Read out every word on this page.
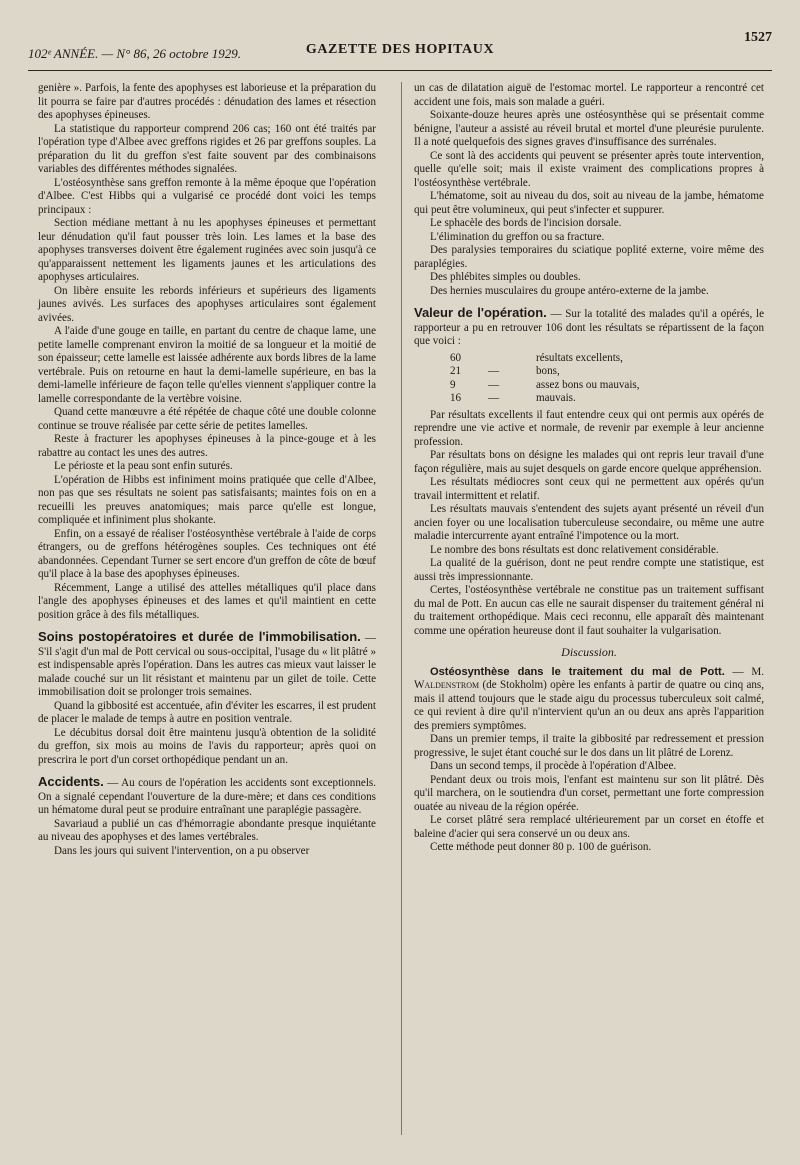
102ᵉ ANNÉE. — N° 86, 26 octobre 1929.	GAZETTE DES HOPITAUX
1527

genière ». Parfois, la fente des apophyses est laborieuse et la préparation du lit pourra se faire par d'autres procédés : dénudation des lames et résection des apophyses épineuses.

La statistique du rapporteur comprend 206 cas; 160 ont été traités par l'opération type d'Albee avec greffons rigides et 26 par greffons souples. La préparation du lit du greffon s'est faite souvent par des combinaisons variables des différentes méthodes signalées.

L'ostéosynthèse sans greffon remonte à la même époque que l'opération d'Albee. C'est Hibbs qui a vulgarisé ce procédé dont voici les temps principaux :

Section médiane mettant à nu les apophyses épineuses et permettant leur dénudation qu'il faut pousser très loin. Les lames et la base des apophyses transverses doivent être également ruginées avec soin jusqu'à ce qu'apparaissent nettement les ligaments jaunes et les articulations des apophyses articulaires.

On libère ensuite les rebords inférieurs et supérieurs des ligaments jaunes avivés. Les surfaces des apophyses articulaires sont également avivées.

A l'aide d'une gouge en taille, en partant du centre de chaque lame, une petite lamelle comprenant environ la moitié de sa longueur et la moitié de son épaisseur; cette lamelle est laissée adhérente aux bords libres de la lame vertébrale. Puis on retourne en haut la demi-lamelle supérieure, en bas la demi-lamelle inférieure de façon telle qu'elles viennent s'appliquer contre la lamelle correspondante de la vertèbre voisine.

Quand cette manœuvre a été répétée de chaque côté une double colonne continue se trouve réalisée par cette série de petites lamelles.

Reste à fracturer les apophyses épineuses à la pince-gouge et à les rabattre au contact les unes des autres.

Le périoste et la peau sont enfin suturés.

L'opération de Hibbs est infiniment moins pratiquée que celle d'Albee, non pas que ses résultats ne soient pas satisfaisants; maintes fois on en a recueilli les preuves anatomiques; mais parce qu'elle est longue, compliquée et infiniment plus shokante.

Enfin, on a essayé de réaliser l'ostéosynthèse vertébrale à l'aide de corps étrangers, ou de greffons hétérogènes souples. Ces techniques ont été abandonnées. Cependant Turner se sert encore d'un greffon de côte de bœuf qu'il place à la base des apophyses épineuses.

Récemment, Lange a utilisé des attelles métalliques qu'il place dans l'angle des apophyses épineuses et des lames et qu'il maintient en cette position grâce à des fils métalliques.

Soins postopératoires et durée de l'immobilisation. — S'il s'agit d'un mal de Pott cervical ou sous-occipital, l'usage du « lit plâtré » est indispensable après l'opération. Dans les autres cas mieux vaut laisser le malade couché sur un lit résistant et maintenu par un gilet de toile. Cette immobilisation doit se prolonger trois semaines.

Quand la gibbosité est accentuée, afin d'éviter les escarres, il est prudent de placer le malade de temps à autre en position ventrale.

Le décubitus dorsal doit être maintenu jusqu'à obtention de la solidité du greffon, six mois au moins de l'avis du rapporteur; après quoi on prescrira le port d'un corset orthopédique pendant un an.

Accidents. — Au cours de l'opération les accidents sont exceptionnels. On a signalé cependant l'ouverture de la dure-mère; et dans ces conditions un hématome dural peut se produire entraînant une paraplégie passagère.

Savariaud a publié un cas d'hémorragie abondante presque inquiétante au niveau des apophyses et des lames vertébrales.

Dans les jours qui suivent l'intervention, on a pu observer

un cas de dilatation aiguë de l'estomac mortel. Le rapporteur a rencontré cet accident une fois, mais son malade a guéri.

Soixante-douze heures après une ostéosynthèse qui se présentait comme bénigne, l'auteur a assisté au réveil brutal et mortel d'une pleurésie purulente. Il a noté quelquefois des signes graves d'insuffisance des surrénales.

Ce sont là des accidents qui peuvent se présenter après toute intervention, quelle qu'elle soit; mais il existe vraiment des complications propres à l'ostéosynthèse vertébrale.

L'hématome, soit au niveau du dos, soit au niveau de la jambe, hématome qui peut être volumineux, qui peut s'infecter et suppurer.

Le sphacèle des bords de l'incision dorsale.

L'élimination du greffon ou sa fracture.

Des paralysies temporaires du sciatique poplité externe, voire même des paraplégies.

Des phlébites simples ou doubles.

Des hernies musculaires du groupe antéro-externe de la jambe.

Valeur de l'opération. — Sur la totalité des malades qu'il a opérés, le rapporteur a pu en retrouver 106 dont les résultats se répartissent de la façon que voici :

60	résultats excellents,
21	—	bons,
9	—	assez bons ou mauvais,
16	—	mauvais.

Par résultats excellents il faut entendre ceux qui ont permis aux opérés de reprendre une vie active et normale, de revenir par exemple à leur ancienne profession.

Par résultats bons on désigne les malades qui ont repris leur travail d'une façon régulière, mais au sujet desquels on garde encore quelque appréhension.

Les résultats médiocres sont ceux qui ne permettent aux opérés qu'un travail intermittent et relatif.

Les résultats mauvais s'entendent des sujets ayant présenté un réveil d'un ancien foyer ou une localisation tuberculeuse secondaire, ou même une autre maladie intercurrente ayant entraîné l'impotence ou la mort.

Le nombre des bons résultats est donc relativement considérable.

La qualité de la guérison, dont ne peut rendre compte une statistique, est aussi très impressionnante.

Certes, l'ostéosynthèse vertébrale ne constitue pas un traitement suffisant du mal de Pott. En aucun cas elle ne saurait dispenser du traitement général ni du traitement orthopédique. Mais ceci reconnu, elle apparaît dès maintenant comme une opération heureuse dont il faut souhaiter la vulgarisation.

Discussion.

Ostéosynthèse dans le traitement du mal de Pott. — M. Waldenstrom (de Stokholm) opère les enfants à partir de quatre ou cinq ans, mais il attend toujours que le stade aigu du processus tuberculeux soit calmé, ce qui revient à dire qu'il n'intervient qu'un an ou deux ans après l'apparition des premiers symptômes.

Dans un premier temps, il traite la gibbosité par redressement et pression progressive, le sujet étant couché sur le dos dans un lit plâtré de Lorenz.

Dans un second temps, il procède à l'opération d'Albee.

Pendant deux ou trois mois, l'enfant est maintenu sur son lit plâtré. Dès qu'il marchera, on le soutiendra d'un corset, permettant une forte compression ouatée au niveau de la région opérée.

Le corset plâtré sera remplacé ultérieurement par un corset en étoffe et baleine d'acier qui sera conservé un ou deux ans.

Cette méthode peut donner 80 p. 100 de guérison.
